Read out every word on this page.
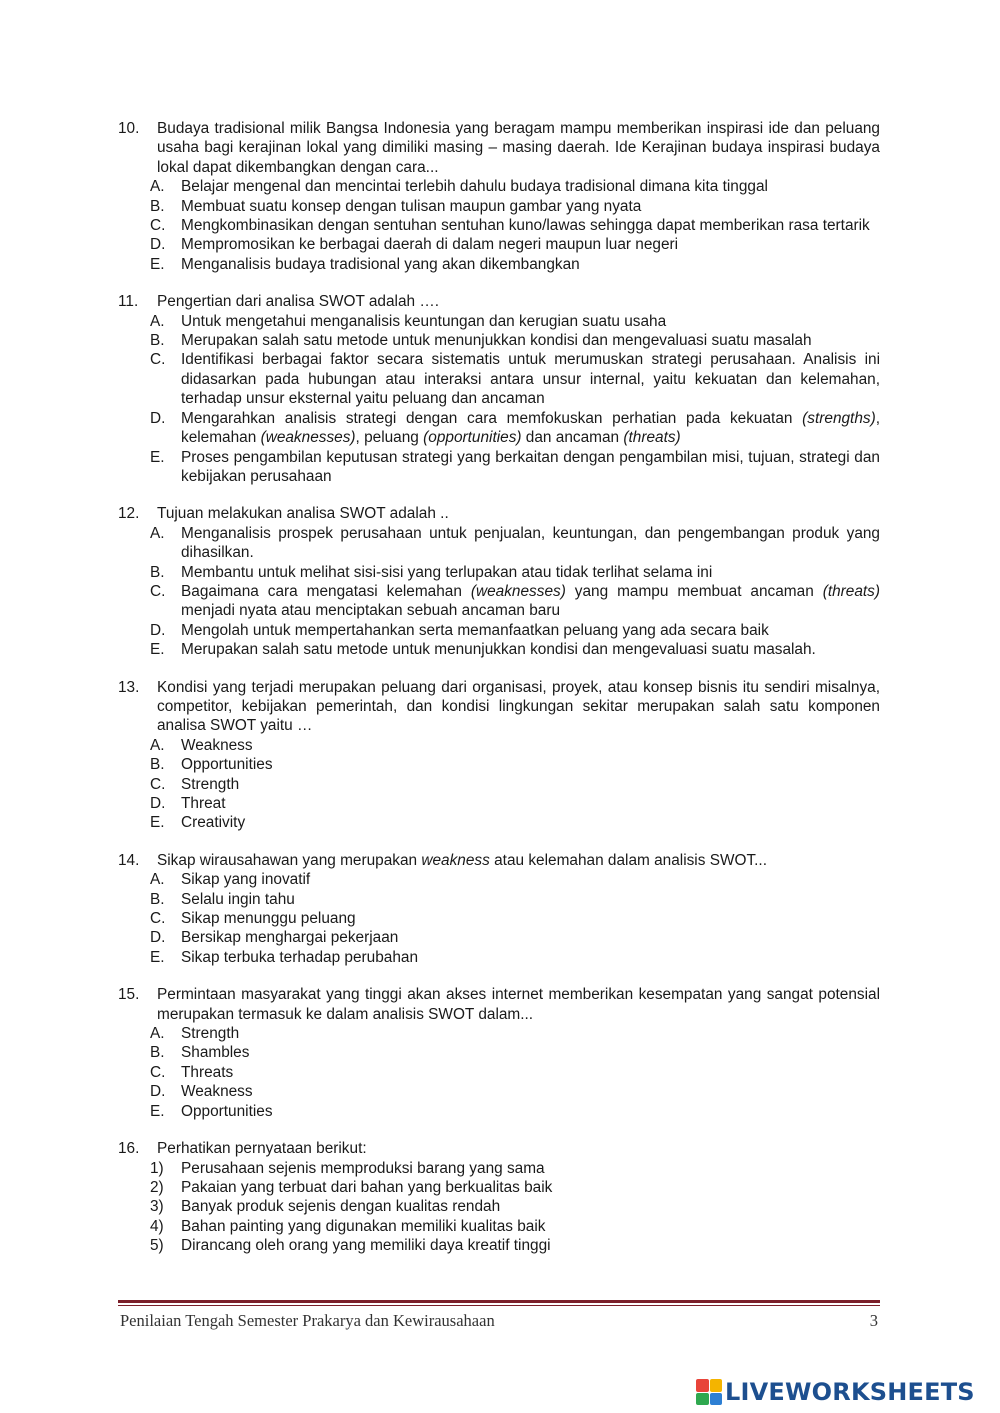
10.	Budaya tradisional milik Bangsa Indonesia yang beragam mampu memberikan inspirasi ide dan peluang usaha bagi kerajinan lokal yang dimiliki masing – masing daerah. Ide Kerajinan budaya inspirasi budaya lokal dapat dikembangkan dengan cara...
A.	Belajar mengenal dan mencintai terlebih dahulu budaya tradisional dimana kita tinggal
B.	Membuat suatu konsep dengan tulisan maupun gambar yang nyata
C.	Mengkombinasikan dengan sentuhan sentuhan kuno/lawas sehingga dapat memberikan rasa tertarik
D.	Mempromosikan ke berbagai daerah di dalam negeri maupun luar negeri
E.	Menganalisis budaya tradisional yang akan dikembangkan
11.	Pengertian dari analisa SWOT adalah ….
A.	Untuk mengetahui menganalisis keuntungan dan kerugian suatu usaha
B.	Merupakan salah satu metode untuk menunjukkan kondisi dan mengevaluasi suatu masalah
C.	Identifikasi berbagai faktor secara sistematis untuk merumuskan strategi perusahaan. Analisis ini didasarkan pada hubungan atau interaksi antara unsur internal, yaitu kekuatan dan kelemahan, terhadap unsur eksternal yaitu peluang dan ancaman
D.	Mengarahkan analisis strategi dengan cara memfokuskan perhatian pada kekuatan (strengths), kelemahan (weaknesses), peluang (opportunities) dan ancaman (threats)
E.	Proses pengambilan keputusan strategi yang berkaitan dengan pengambilan misi, tujuan, strategi dan kebijakan perusahaan
12.	Tujuan melakukan analisa SWOT adalah ..
A.	Menganalisis prospek perusahaan untuk penjualan, keuntungan, dan pengembangan produk yang dihasilkan.
B.	Membantu untuk melihat sisi-sisi yang terlupakan atau tidak terlihat selama ini
C.	Bagaimana cara mengatasi kelemahan (weaknesses) yang mampu membuat ancaman (threats) menjadi nyata atau menciptakan sebuah ancaman baru
D.	Mengolah untuk mempertahankan serta memanfaatkan peluang yang ada secara baik
E.	Merupakan salah satu metode untuk menunjukkan kondisi dan mengevaluasi suatu masalah.
13.	Kondisi yang terjadi merupakan peluang dari organisasi, proyek, atau konsep bisnis itu sendiri misalnya, competitor, kebijakan pemerintah, dan kondisi lingkungan sekitar merupakan salah satu komponen analisa SWOT yaitu …
A.	Weakness
B.	Opportunities
C.	Strength
D.	Threat
E.	Creativity
14.	Sikap wirausahawan yang merupakan weakness atau kelemahan dalam analisis SWOT...
A.	Sikap yang inovatif
B.	Selalu ingin tahu
C.	Sikap menunggu peluang
D.	Bersikap menghargai pekerjaan
E.	Sikap terbuka terhadap perubahan
15.	Permintaan masyarakat yang tinggi akan akses internet memberikan kesempatan yang sangat potensial merupakan termasuk ke dalam analisis SWOT dalam...
A.	Strength
B.	Shambles
C.	Threats
D.	Weakness
E.	Opportunities
16.	Perhatikan pernyataan berikut:
1)	Perusahaan sejenis memproduksi barang yang sama
2)	Pakaian yang terbuat dari bahan yang berkualitas baik
3)	Banyak produk sejenis dengan kualitas rendah
4)	Bahan painting yang digunakan memiliki kualitas baik
5)	Dirancang oleh orang yang memiliki daya kreatif tinggi
Penilaian Tengah Semester Prakarya dan Kewirausahaan	3
LIVEWORKSHEETS
